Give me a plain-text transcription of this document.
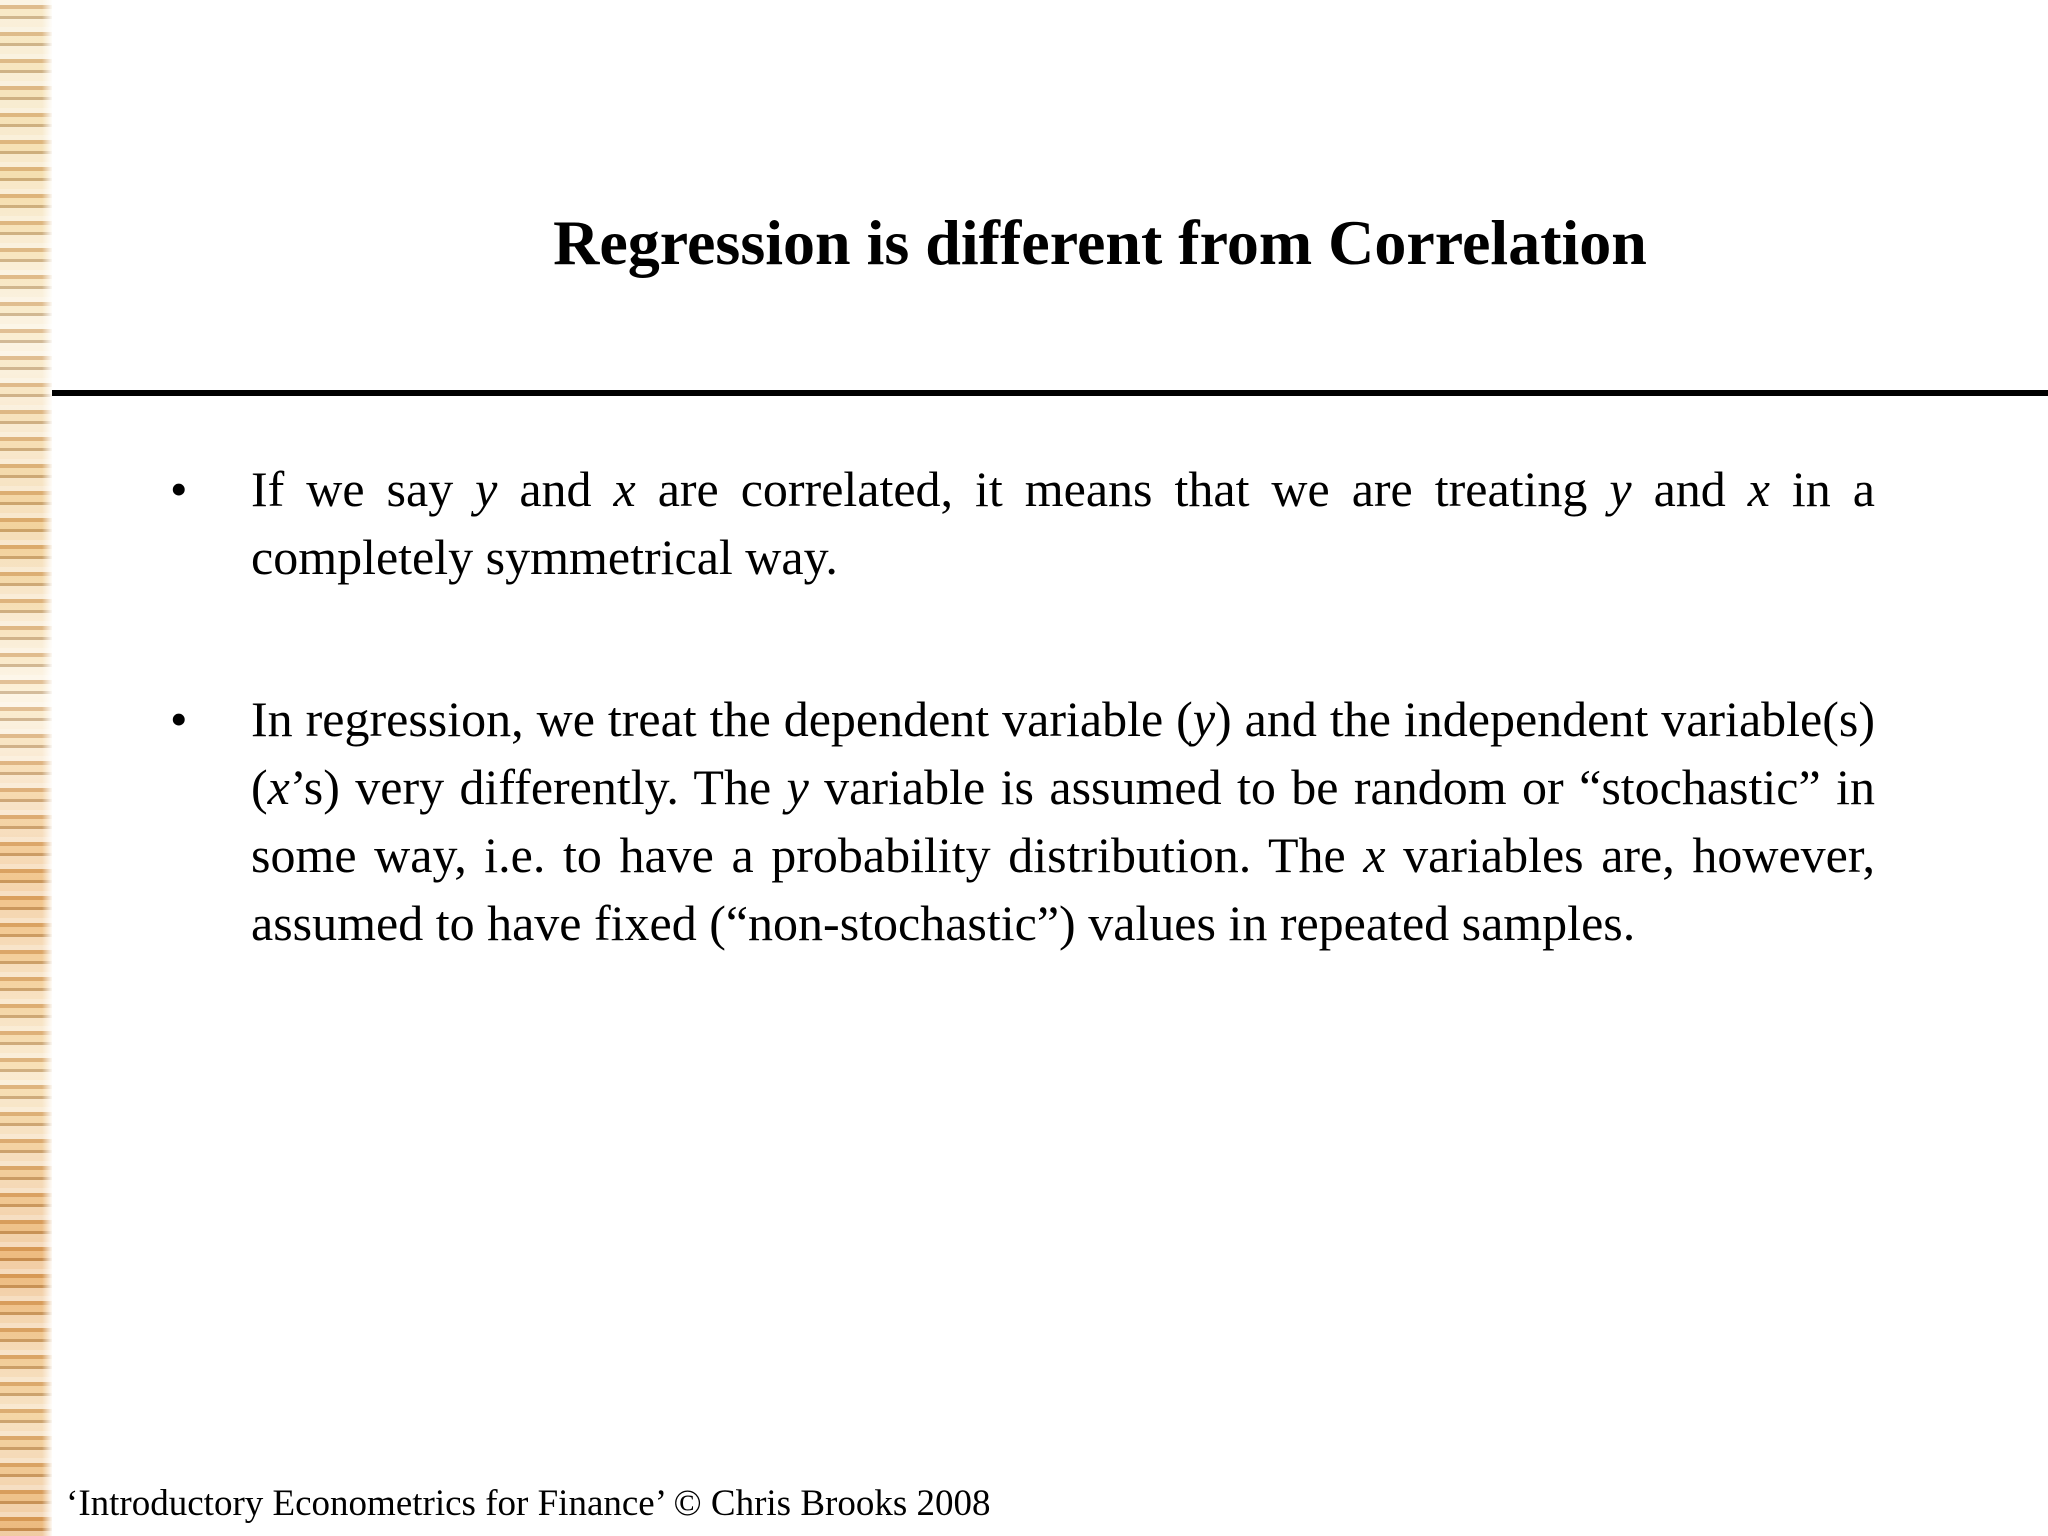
Regression is different from Correlation
•	If we say y and x are correlated, it means that we are treating y and x in a completely symmetrical way.
•	In regression, we treat the dependent variable (y) and the independent variable(s) (x’s) very differently. The y variable is assumed to be random or “stochastic” in some way, i.e. to have a probability distribution. The x variables are, however, assumed to have fixed (“non-stochastic”) values in repeated samples.
‘Introductory Econometrics for Finance’ © Chris Brooks 2008
